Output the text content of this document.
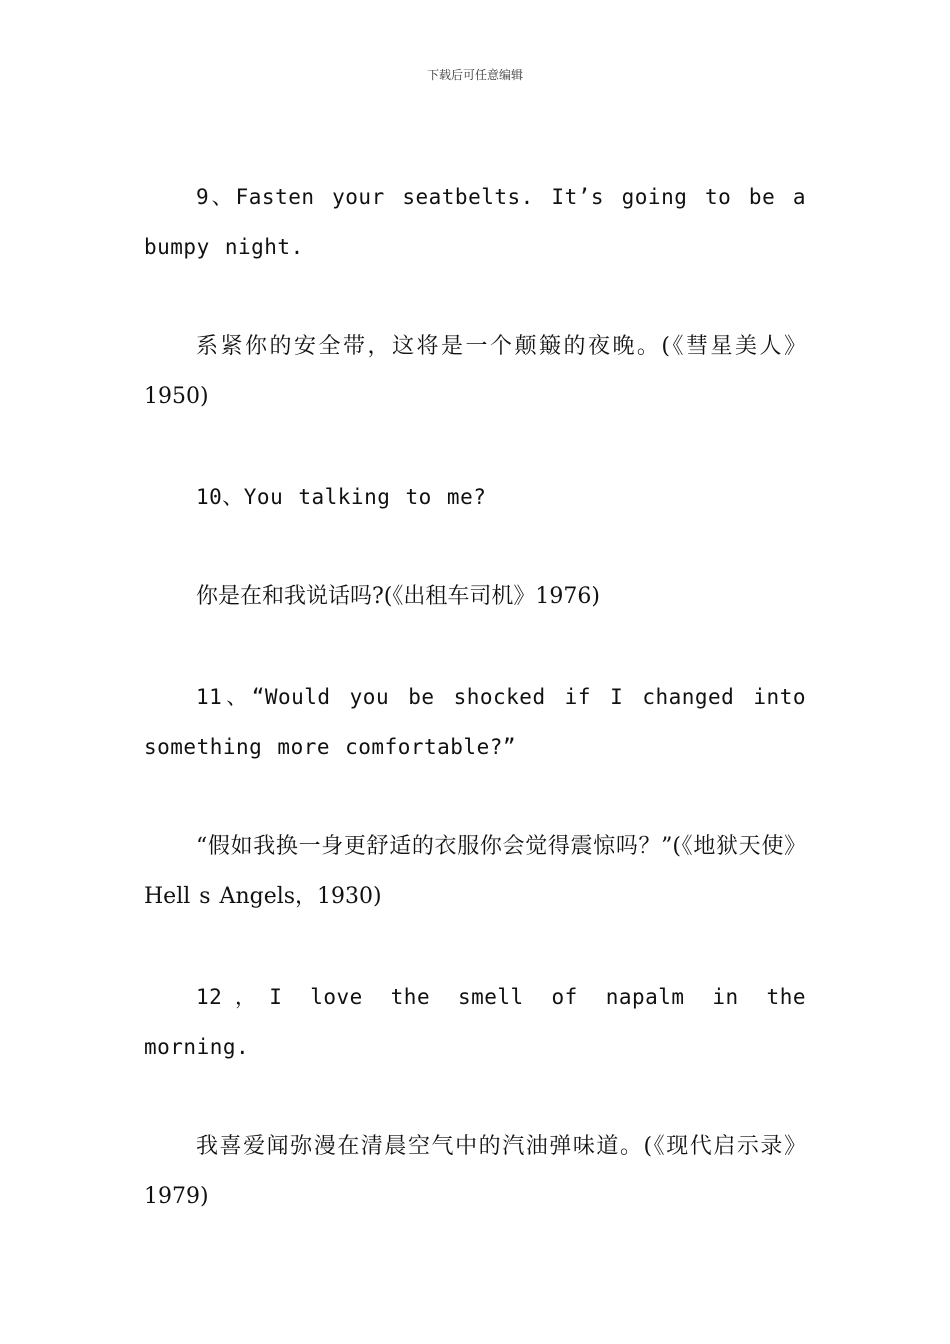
下载后可任意编辑

9、Fasten your seatbelts. It’s going to be a bumpy night.

系紧你的安全带，这将是一个颠簸的夜晚。(《彗星美人》1950)

10、You talking to me?

你是在和我说话吗?(《出租车司机》1976)

11、“Would you be shocked if I changed into something more comfortable?”

“假如我换一身更舒适的衣服你会觉得震惊吗？”(《地狱天使》Hell s Angels，1930)

12，I love the smell of napalm in the morning.

我喜爱闻弥漫在清晨空气中的汽油弹味道。(《现代启示录》1979)
